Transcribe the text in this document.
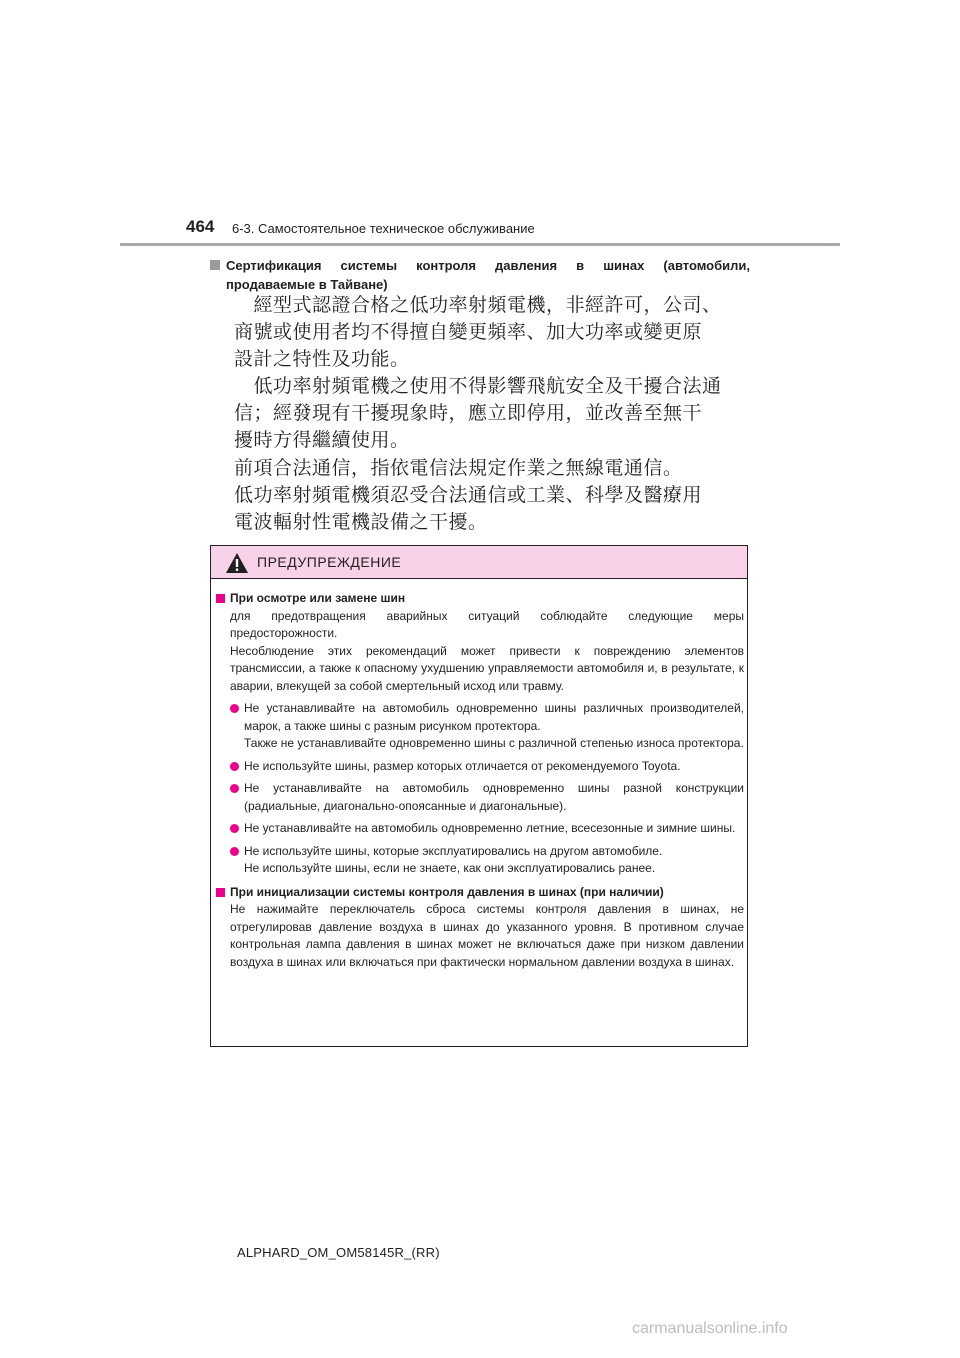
464 6-3. Самостоятельное техническое обслуживание
Сертификация системы контроля давления в шинах (автомобили, продаваемые в Тайване)
　經型式認證合格之低功率射頻電機，非經許可，公司、
商號或使用者均不得擅自變更頻率、加大功率或變更原
設計之特性及功能。
　低功率射頻電機之使用不得影響飛航安全及干擾合法通
信；經發現有干擾現象時，應立即停用，並改善至無干
擾時方得繼續使用。
前項合法通信，指依電信法規定作業之無線電通信。
低功率射頻電機須忍受合法通信或工業、科學及醫療用
電波輻射性電機設備之干擾。
ПРЕДУПРЕЖДЕНИЕ
При осмотре или замене шин
для предотвращения аварийных ситуаций соблюдайте следующие меры предосторожности.
Несоблюдение этих рекомендаций может привести к повреждению элементов трансмиссии, а также к опасному ухудшению управляемости автомобиля и, в результате, к аварии, влекущей за собой смертельный исход или травму.
Не устанавливайте на автомобиль одновременно шины различных производителей, марок, а также шины с разным рисунком протектора.
Также не устанавливайте одновременно шины с различной степенью износа протектора.
Не используйте шины, размер которых отличается от рекомендуемого Toyota.
Не устанавливайте на автомобиль одновременно шины разной конструкции (радиальные, диагонально-опоясанные и диагональные).
Не устанавливайте на автомобиль одновременно летние, всесезонные и зимние шины.
Не используйте шины, которые эксплуатировались на другом автомобиле.
Не используйте шины, если не знаете, как они эксплуатировались ранее.
При инициализации системы контроля давления в шинах (при наличии)
Не нажимайте переключатель сброса системы контроля давления в шинах, не отрегулировав давление воздуха в шинах до указанного уровня. В противном случае контрольная лампа давления в шинах может не включаться даже при низком давлении воздуха в шинах или включаться при фактически нормальном давлении воздуха в шинах.
ALPHARD_OM_OM58145R_(RR)
carmanualsonline.info
